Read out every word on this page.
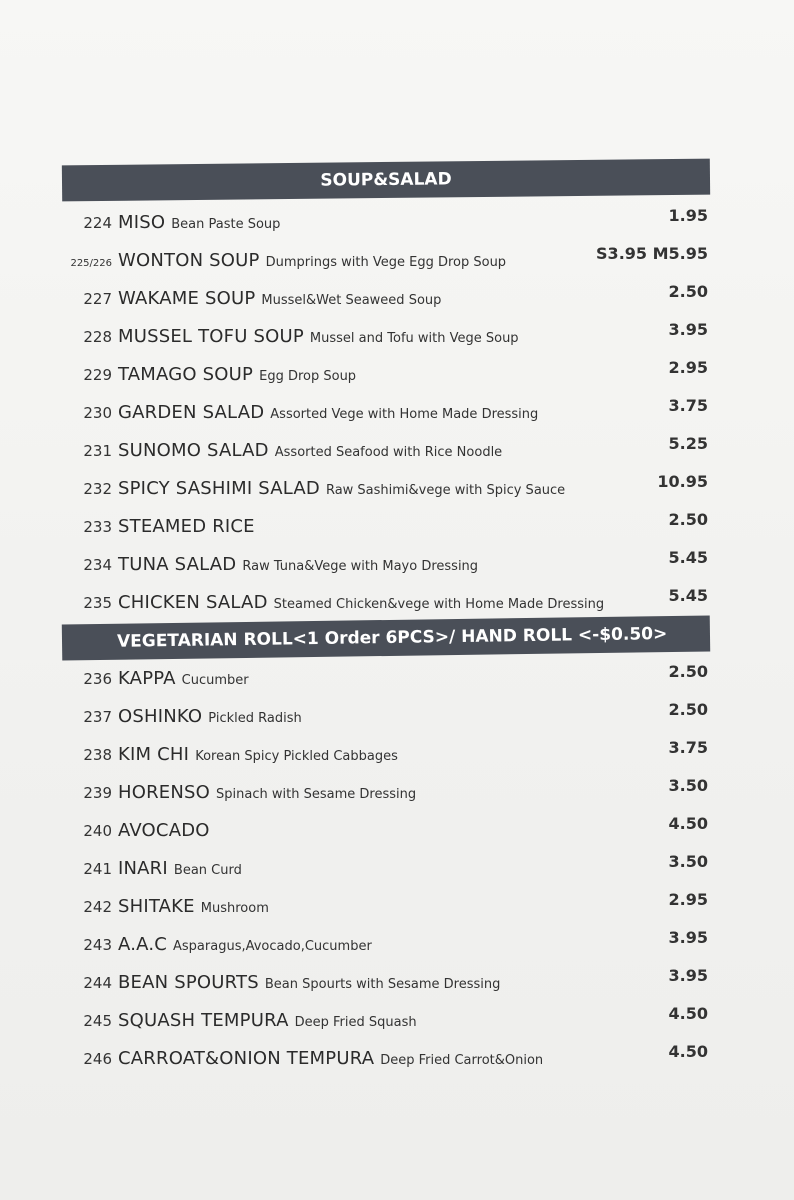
SOUP&SALAD
224 MISO Bean Paste Soup	1.95
225/226 WONTON SOUP Dumprings with Vege Egg Drop Soup	S3.95 M5.95
227 WAKAME SOUP Mussel&Wet Seaweed Soup	2.50
228 MUSSEL TOFU SOUP Mussel and Tofu with Vege Soup	3.95
229 TAMAGO SOUP Egg Drop Soup	2.95
230 GARDEN SALAD Assorted Vege with Home Made Dressing	3.75
231 SUNOMO SALAD Assorted Seafood with Rice Noodle	5.25
232 SPICY SASHIMI SALAD Raw Sashimi&vege with Spicy Sauce	10.95
233 STEAMED RICE	2.50
234 TUNA SALAD Raw Tuna&Vege with Mayo Dressing	5.45
235 CHICKEN SALAD Steamed Chicken&vege with Home Made Dressing	5.45
VEGETARIAN ROLL<1 Order 6PCS>/ HAND ROLL <-$0.50>
236 KAPPA Cucumber	2.50
237 OSHINKO Pickled Radish	2.50
238 KIM CHI Korean Spicy Pickled Cabbages	3.75
239 HORENSO Spinach with Sesame Dressing	3.50
240 AVOCADO	4.50
241 INARI Bean Curd	3.50
242 SHITAKE Mushroom	2.95
243 A.A.C Asparagus,Avocado,Cucumber	3.95
244 BEAN SPOURTS Bean Spourts with Sesame Dressing	3.95
245 SQUASH TEMPURA Deep Fried Squash	4.50
246 CARROAT&ONION TEMPURA Deep Fried Carrot&Onion	4.50
